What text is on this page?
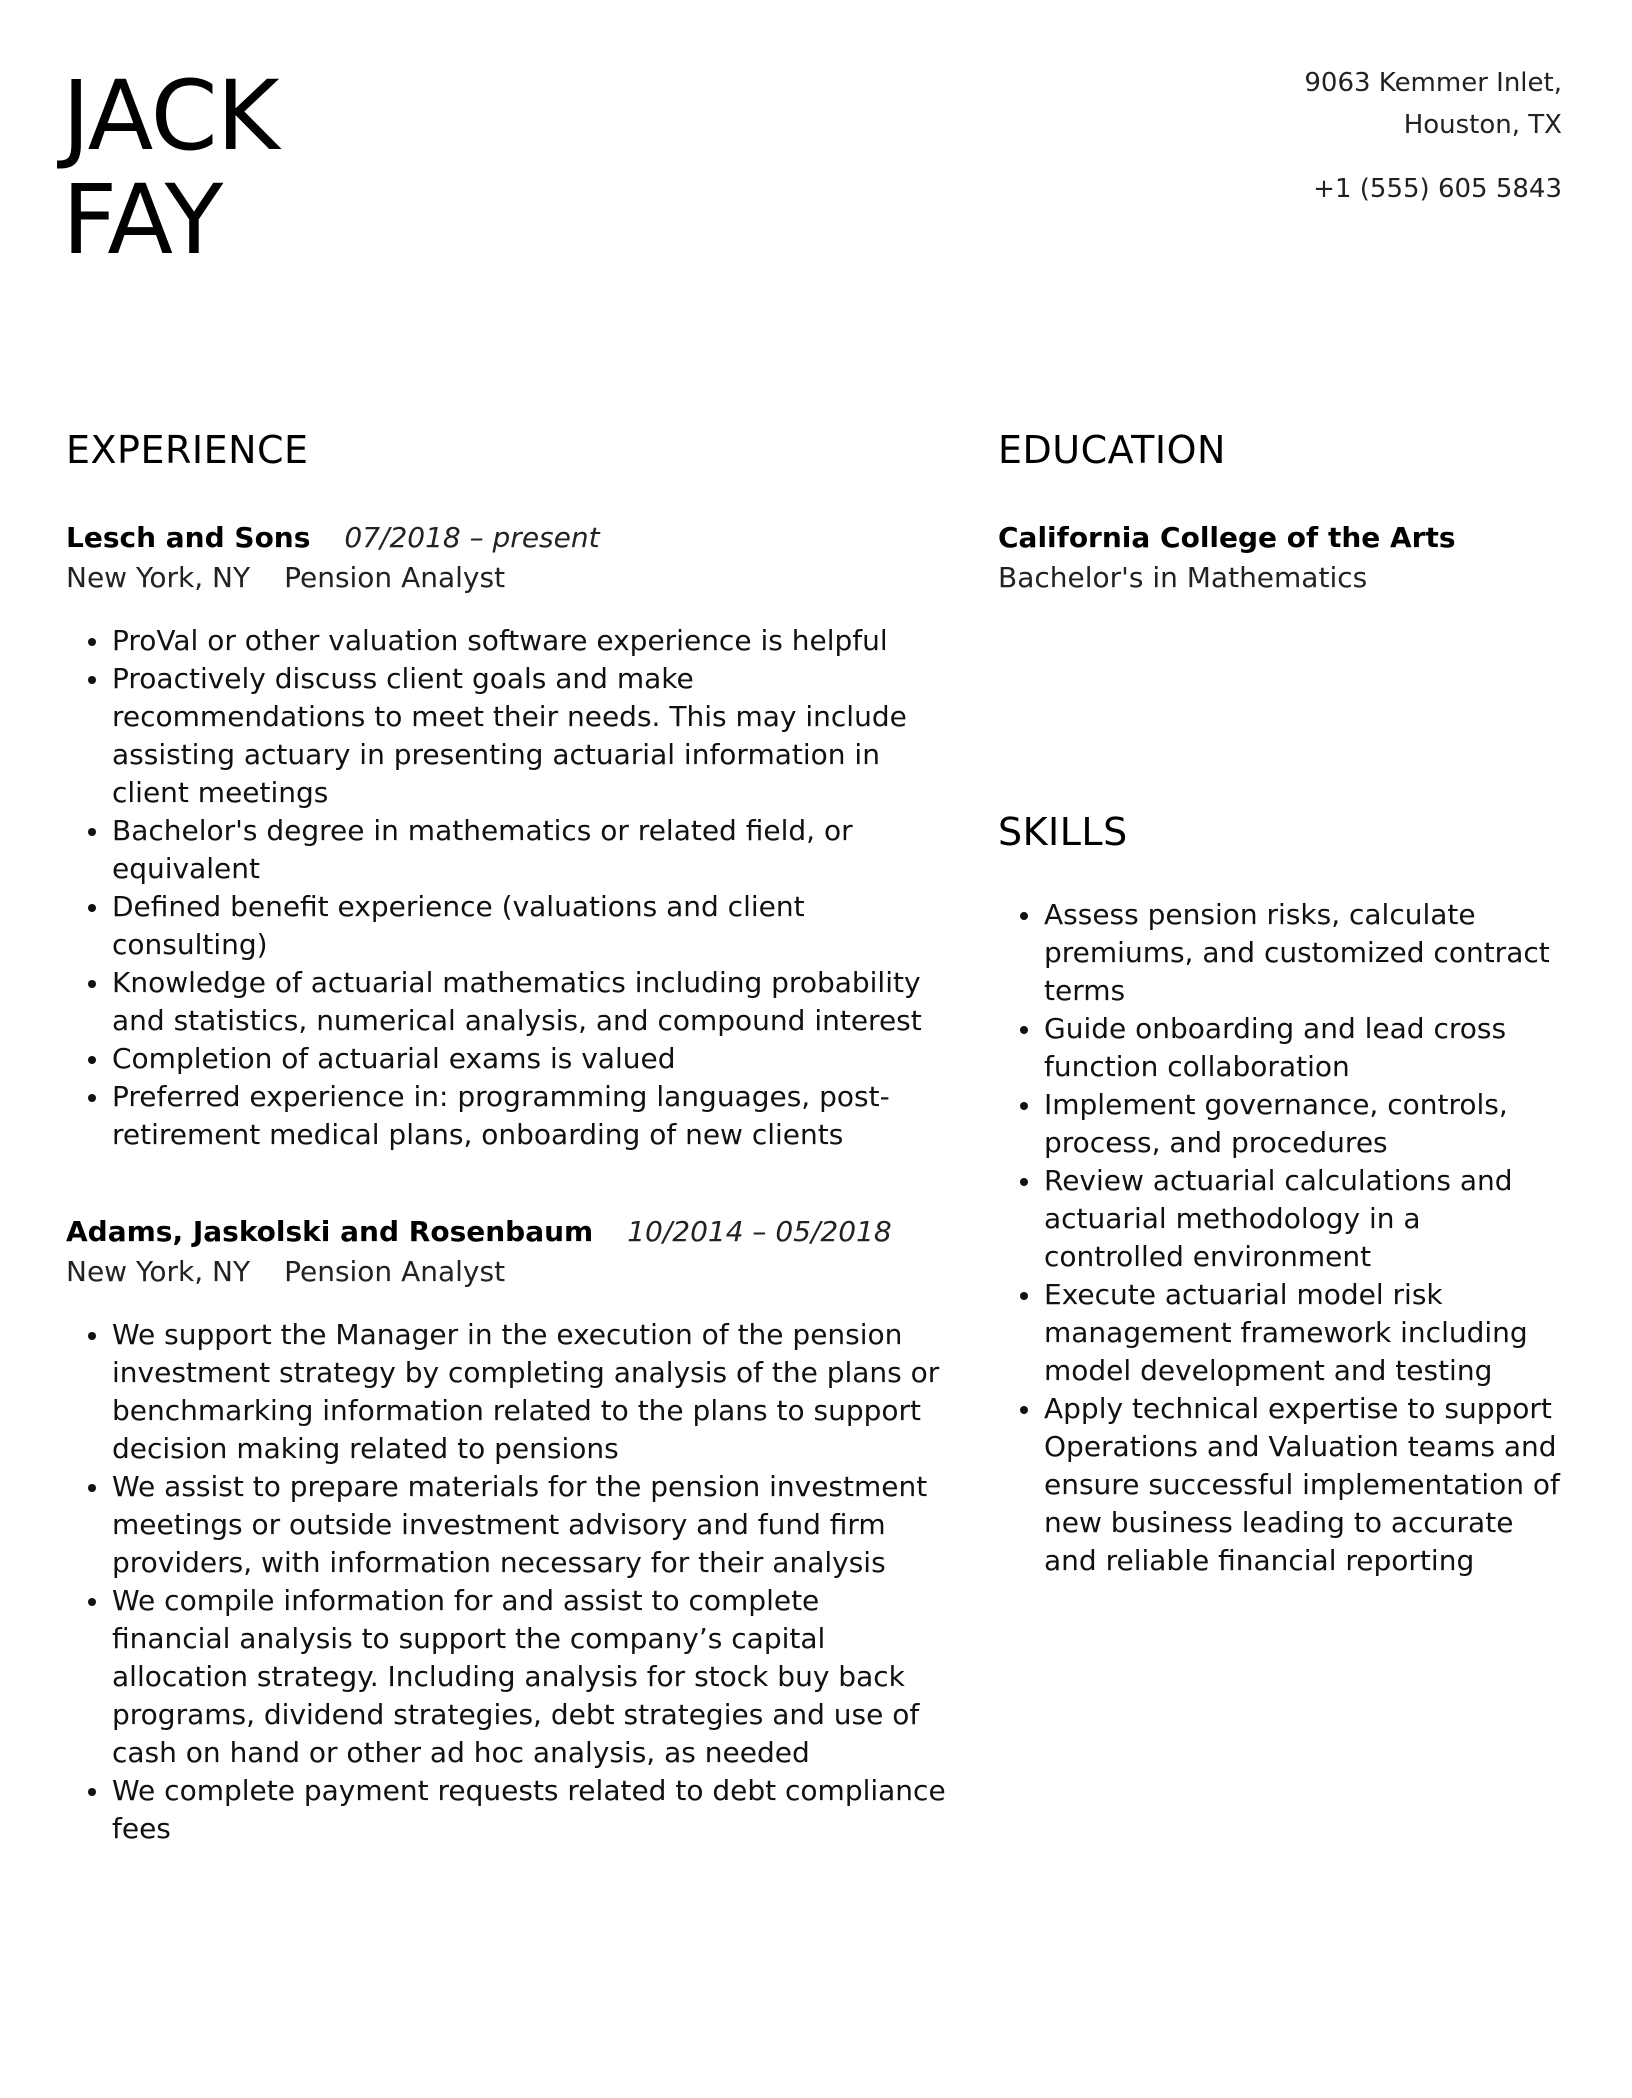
JACK
FAY
9063 Kemmer Inlet,
Houston, TX
+1 (555) 605 5843
EXPERIENCE
Lesch and Sons 07/2018 – present
New York, NY Pension Analyst
ProVal or other valuation software experience is helpful
Proactively discuss client goals and make recommendations to meet their needs. This may include assisting actuary in presenting actuarial information in client meetings
Bachelor's degree in mathematics or related field, or equivalent
Defined benefit experience (valuations and client consulting)
Knowledge of actuarial mathematics including probability and statistics, numerical analysis, and compound interest
Completion of actuarial exams is valued
Preferred experience in: programming languages, post-retirement medical plans, onboarding of new clients
Adams, Jaskolski and Rosenbaum 10/2014 – 05/2018
New York, NY Pension Analyst
We support the Manager in the execution of the pension investment strategy by completing analysis of the plans or benchmarking information related to the plans to support decision making related to pensions
We assist to prepare materials for the pension investment meetings or outside investment advisory and fund firm providers, with information necessary for their analysis
We compile information for and assist to complete financial analysis to support the company’s capital allocation strategy. Including analysis for stock buy back programs, dividend strategies, debt strategies and use of cash on hand or other ad hoc analysis, as needed
We complete payment requests related to debt compliance fees
EDUCATION
California College of the Arts
Bachelor's in Mathematics
SKILLS
Assess pension risks, calculate premiums, and customized contract terms
Guide onboarding and lead cross function collaboration
Implement governance, controls, process, and procedures
Review actuarial calculations and actuarial methodology in a controlled environment
Execute actuarial model risk management framework including model development and testing
Apply technical expertise to support Operations and Valuation teams and ensure successful implementation of new business leading to accurate and reliable financial reporting
